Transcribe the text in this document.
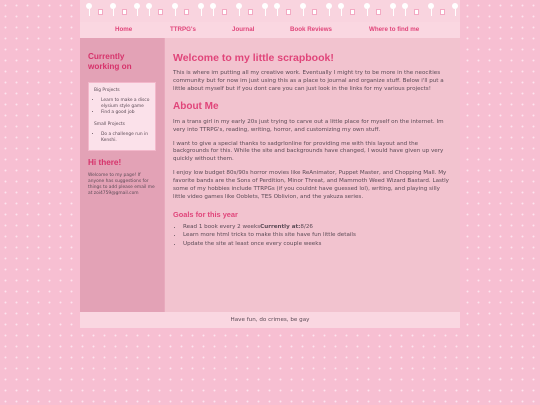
Home	TTRPG's	Journal	Book Reviews	Where to find me
Currently working on
Big Projects
• Learn to make a disco elysium style game
• Find a good job
Small Projects
• Do a challenge run in Kenshi.
Hi there!
Welcome to my page! If anyone has suggestions for things to add please email me at zoi4759@gmail.com
Welcome to my little scrapbook!

This is where im putting all my creative work. Eventually I might try to be more in the neocities community but for now im just using this as a place to journal and organize stuff. Below i'll put a little about myself but if you dont care you can just look in the links for my various projects!

About Me

Im a trans girl in my early 20s just trying to carve out a little place for myself on the internet. Im very into TTRPG's, reading, writing, horror, and customizing my own stuff.

I want to give a special thanks to sadgrlonline for providing me with this layout and the backgrounds for this. While the site and backgrounds have changed, I would have given up very quickly without them.

I enjoy low budget 80s/90s horror movies like ReAnimator, Puppet Master, and Chopping Mall. My favorite bands are the Sons of Perdition, Minor Threat, and Mammoth Weed Wizard Bastard. Lastly some of my hobbies include TTRPGs (if you couldnt have guessed lol), writing, and playing silly little video games like Ooblets, TES Oblivion, and the yakuza series.

Goals for this year
• Read 1 book every 2 weeksCurrently at:8/26
• Learn more html tricks to make this site have fun little details
• Update the site at least once every couple weeks
Have fun, do crimes, be gay
